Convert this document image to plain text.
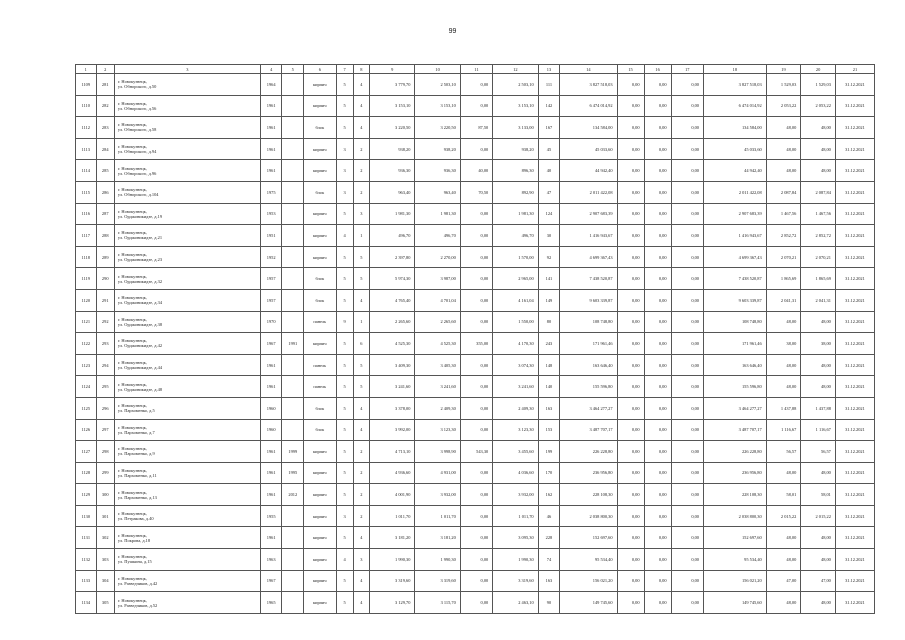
99
1	2	3	4	5	6	7	8	9	10	11	12	13	14	15	16	17	18	19	20	21
1109	281	г. Новокузнецк,
ул. Обнорского, д.50	1964		кирпич	5	4	3 779,70	2 503,10	0,00	2 503,10	111	3 827 518,03	0,00	0,00	0,00	3 827 518,03	1 529,03	1 529,03	31.12.2021
1110	282	г. Новокузнецк,
ул. Обнорского, д.56	1961		кирпич	5	4	3 153,10	3 153,10	0,00	3 153,10	142	6 474 014,92	0,00	0,00	0,00	6 474 014,92	2 053,22	2 053,22	31.12.2021
1112	283	г. Новокузнецк,
ул. Обнорского, д.58	1961		блок	5	4	3 220,50	3 220,50	87,50	3 133,00	167	134 584,00	0,00	0,00	0,00	134 584,00	48,00	48,00	31.12.2021
1113	284	г. Новокузнецк,
ул. Обнорского, д.94	1961		кирпич	3	2	938,20	938,20	0,00	938,20	45	45 033,60	0,00	0,00	0,00	45 033,60	48,00	48,00	31.12.2021
1114	285	г. Новокузнецк,
ул. Обнорского, д.96	1961		кирпич	3	2	936,30	936,30	40,00	896,30	40	44 942,40	0,00	0,00	0,00	44 942,40	48,00	48,00	31.12.2021
1115	286	г. Новокузнецк,
ул. Обнорского, д.104	1975		блок	3	2	963,40	963,40	70,50	892,90	47	2 011 422,08	0,00	0,00	0,00	2 011 422,08	2 087,84	2 087,84	31.12.2021
1116	287	г. Новокузнецк,
ул. Орджоникидзе, д.19	1953		кирпич	5	3	1 981,30	1 981,30	0,00	1 981,30	124	2 907 683,39	0,00	0,00	0,00	2 907 683,39	1 467,56	1 467,56	31.12.2021
1117	288	г. Новокузнецк,
ул. Орджоникидзе, д.21	1951		кирпич	4	1	496,70	496,70	0,00	496,70	30	1 416 943,67	0,00	0,00	0,00	1 416 943,67	2 852,72	2 852,72	31.12.2021
1118	289	г. Новокузнецк,
ул. Орджоникидзе, д.23	1952		кирпич	5	5	2 397,80	2 270,00	0,00	1 570,00	92	4 699 367,43	0,00	0,00	0,00	4 699 367,43	2 070,21	2 070,21	31.12.2021
1119	290	г. Новокузнецк,
ул. Орджоникидзе, д.32	1957		блок	5	5	5 974,30	3 987,00	0,00	2 965,00	141	7 438 520,87	0,00	0,00	0,00	7 438 520,87	1 865,69	1 865,69	31.12.2021
1120	291	г. Новокузнецк,
ул. Орджоникидзе, д.34	1957		блок	5	4	4 765,40	4 701,04	0,00	4 161,04	149	9 603 339,87	0,00	0,00	0,00	9 603 339,87	2 041,31	2 041,31	31.12.2021
1121	292	г. Новокузнецк,
ул. Орджоникидзе, д.38	1970		панель	9	1	2 265,60	2 265,60	0,00	1 550,00	80	108 748,80	0,00	0,00	0,00	108 748,80	48,00	48,00	31.12.2021
1122	293	г. Новокузнецк,
ул. Орджоникидзе, д.42	1967	1991	кирпич	5	6	4 525,30	4 525,30	355,00	4 170,30	243	171 961,46	0,00	0,00	0,00	171 961,46	38,00	38,00	31.12.2021
1123	294	г. Новокузнецк,
ул. Орджоникидзе, д.44	1961		панель	5	5	3 409,30	3 405,30	0,00	3 074,30	148	163 646,40	0,00	0,00	0,00	163 646,40	48,00	48,00	31.12.2021
1124	295	г. Новокузнецк,
ул. Орджоникидзе, д.48	1961		панель	5	5	3 241,60	3 241,60	0,00	3 241,60	140	155 596,80	0,00	0,00	0,00	155 596,80	48,00	48,00	31.12.2021
1125	296	г. Новокузнецк,
ул. Пархоменко, д.5	1960		блок	5	4	3 378,00	2 409,30	0,00	2 409,30	163	3 464 277,27	0,00	0,00	0,00	3 464 277,27	1 437,88	1 437,88	31.12.2021
1126	297	г. Новокузнецк,
ул. Пархоменко, д.7	1960		блок	5	4	3 992,00	3 123,30	0,00	3 123,30	153	3 487 707,17	0,00	0,00	0,00	3 487 707,17	1 116,67	1 116,67	31.12.2021
1127	298	г. Новокузнецк,
ул. Пархоменко, д.9	1961	1999	кирпич	5	2	4 713,10	3 998,90	543,30	3 455,60	199	226 228,80	0,00	0,00	0,00	226 228,80	56,57	56,57	31.12.2021
1128	299	г. Новокузнецк,
ул. Пархоменко, д.11	1961	1995	кирпич	5	2	4 936,60	4 931,00	0,00	4 036,60	170	236 956,80	0,00	0,00	0,00	236 956,80	48,00	48,00	31.12.2021
1129	300	г. Новокузнецк,
ул. Пархоменко, д.13	1961	2012	кирпич	5	2	4 001,90	3 932,00	0,00	3 932,00	162	228 108,30	0,00	0,00	0,00	228 108,30	58,01	58,01	31.12.2021
1130	301	г. Новокузнецк,
ул. Петракова, д.40	1955		кирпич	3	2	1 011,70	1 011,70	0,00	1 011,70	46	2 038 800,30	0,00	0,00	0,00	2 038 800,30	2 015,22	2 015,22	31.12.2021
1131	302	г. Новокузнецк,
ул. Покрова, д.18	1961		кирпич	5	4	3 181,20	3 181,20	0,00	3 095,30	228	152 697,60	0,00	0,00	0,00	152 697,60	48,00	48,00	31.12.2021
1132	303	г. Новокузнецк,
ул. Пушкина, д.15	1963		кирпич	4	3	1 990,30	1 990,30	0,00	1 990,30	74	95 534,40	0,00	0,00	0,00	95 534,40	48,00	48,00	31.12.2021
1133	304	г. Новокузнецк,
ул. Разведчиков, д.42	1967		кирпич	5	4	3 319,60	3 319,60	0,00	3 319,60	163	156 021,20	0,00	0,00	0,00	156 021,20	47,00	47,00	31.12.2021
1134	305	г. Новокузнецк,
ул. Разведчиков, д.52	1965		кирпич	5	4	3 129,70	3 115,70	0,00	2 463,10	90	149 745,60	0,00	0,00	0,00	149 745,60	48,00	48,00	31.12.2021
